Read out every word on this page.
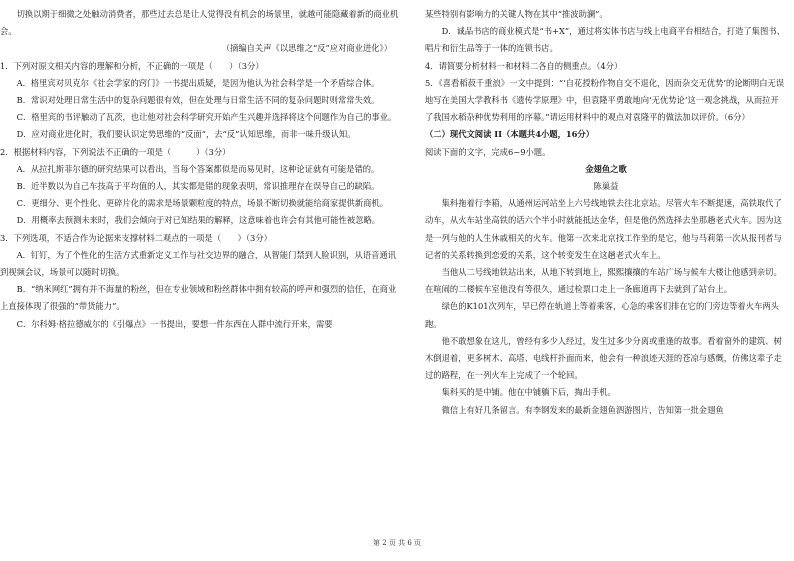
切换以期于细微之处触动消费者，那些过去总是让人觉得没有机会的场景里，就越可能隐藏着新的商业机会。

（摘编自关声《以思维之“反”应对商业进化》）

1．下列对原文相关内容的理解和分析，不正确的一项是（　　）（3分）

A．格里宾对贝克尔《社会学家的窍门》一书提出质疑，是因为他认为社会科学是一个矛盾综合体。

B．常识对处理日常生活中的复杂问题很有效，但在处理与日常生活不同的复杂问题时则常常失效。

C．格里宾的书评触动了瓦茨，也让他对社会科学研究开始产生兴趣并选择将这个问题作为自己的事业。

D．应对商业进化时，我们要认识定势思维的“反面”，去“反”认知思维，而非一味升级认知。

2．根据材料内容，下列说法不正确的一项是（　　　）（3分）

A．从拉扎斯菲尔德的研究结果可以看出，当每个答案都似是而易见时，这种论证就有可能是错的。

B．近半数以为自己车技高于平均值的人，其实都是错的现象表明，常识推理存在误导自己的缺陷。

C．更细分、更个性化、更碎片化的需求是场景颗粒度的特点，场景不断切换就能给商家提供新商机。

D．用概率去预测未来时，我们会倾向于对已知结果的解释，这意味着也许会有其他可能性被忽略。

3．下列选项，不适合作为论据来支撑材料二观点的一项是（　　）（3分）

A．钉钉，为了个性化的生活方式重新定义工作与社交边界的融合，从智能门禁到人脸识别，从语音通讯到视频会议，场景可以随时切换。

B．“纳米网红”拥有并不海量的粉丝，但在专业领域和粉丝群体中拥有较高的呼声和强烈的信任，在商业上直接体现了很强的“带货能力”。

C．尔科姆·格拉德威尔的《引爆点》一书提出，要想一件东西在人群中流行开来，需要

某些特别有影响力的关键人物在其中“推波助澜”。

D．诚品书店的商业模式是“书+X”，通过将实体书店与线上电商平台相结合，打造了集图书、唱片和衍生品等于一体的连锁书店。

4．请简要分析材料一和材料二各自的侧重点。（4分）

5．《喜看稻菽千重浪》一文中提到：“‘自花授粉作物自交不退化，因而杂交无优势’的论断明白无误地写在美国大学教科书《遗传学原理》中，但袁隆平勇敢地向‘无优势论’这一观念挑战，从而拉开了我国水稻杂种优势利用的序幕。”请运用材料中的观点对袁隆平的做法加以评价。（6分）

（二）现代文阅读 II（本题共4小题，16分）

阅读下面的文字，完成6~9小题。

金翅鱼之歌

陈巢益

集科拖着行李箱，从通州运河站坐上六号线地铁去往北京站。尽管火车不断提速，高铁取代了动车，从火车站坐高铁的话六个半小时就能抵达金华，但是他仍然选择去坐那趟老式火车。因为这是一列与他的人生休戚相关的火车。他第一次来北京找工作坐的是它，他与马莉第一次从报刊者与记者的关系转换到恋爱的关系，这个转变发生在这趟老式火车上。

当他从二号线地铁站出来，从地下转到地上，熙熙攘攘的车站广场与候车大楼让他感到亲切。在喧闹的二楼候车室他没有等很久，通过检票口走上一条廊道再下去就到了站台上。

绿色的K101次列车，早已停在轨道上等着乘客，心急的乘客们排在它的门旁边等着火车两头跑。

他不敢想象在这儿，曾经有多少人经过，发生过多少分离或重逢的故事。看着窗外的建筑、树木倒退着，更多树木、高塔、电线杆扑面而来，他会有一种浪迹天涯的苍凉与感慨，仿佛这辈子走过的路程，在一列火车上完成了一个轮回。

集科买的是中铺。他在中铺躺下后，掏出手机。

微信上有好几条留言。有李钢发来的最新金翅鱼泗游图片，告知第一批金翅鱼

第 2 页 共 6 页
